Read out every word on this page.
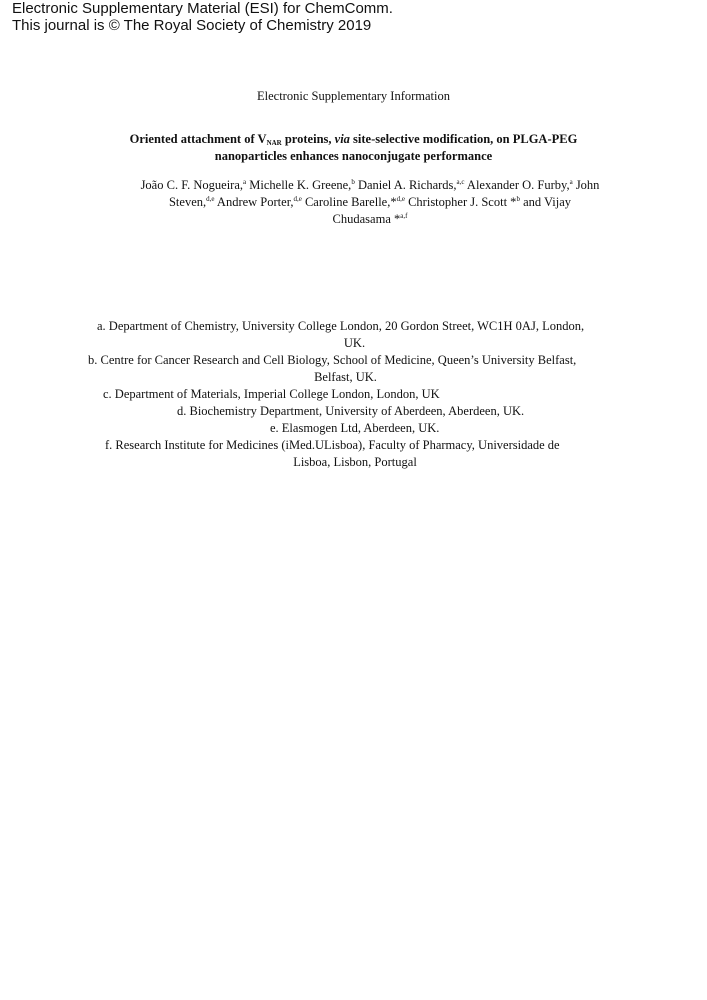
Electronic Supplementary Material (ESI) for ChemComm.
This journal is © The Royal Society of Chemistry 2019
Electronic Supplementary Information
Oriented attachment of $V_{NAR}$ proteins, via site-selective modification, on PLGA-PEG
nanoparticles enhances nanoconjugate performance
João C. F. Nogueira,$^a$ Michelle K. Greene,$^b$ Daniel A. Richards,$^{a,c}$ Alexander O. Furby,$^a$ John Steven,$^{d,e}$ Andrew Porter,$^{d,e}$ Caroline Barelle,*$^{d,e}$ Christopher J. Scott *$^b$ and Vijay Chudasama *$^{a,f}$
a. Department of Chemistry, University College London, 20 Gordon Street, WC1H 0AJ, London,
UK.
b. Centre for Cancer Research and Cell Biology, School of Medicine, Queen’s University Belfast,
Belfast, UK.
c. Department of Materials, Imperial College London, London, UK
d. Biochemistry Department, University of Aberdeen, Aberdeen, UK.
e. Elasmogen Ltd, Aberdeen, UK.
f. Research Institute for Medicines (iMed.ULisboa), Faculty of Pharmacy, Universidade de
Lisboa, Lisbon, Portugal
